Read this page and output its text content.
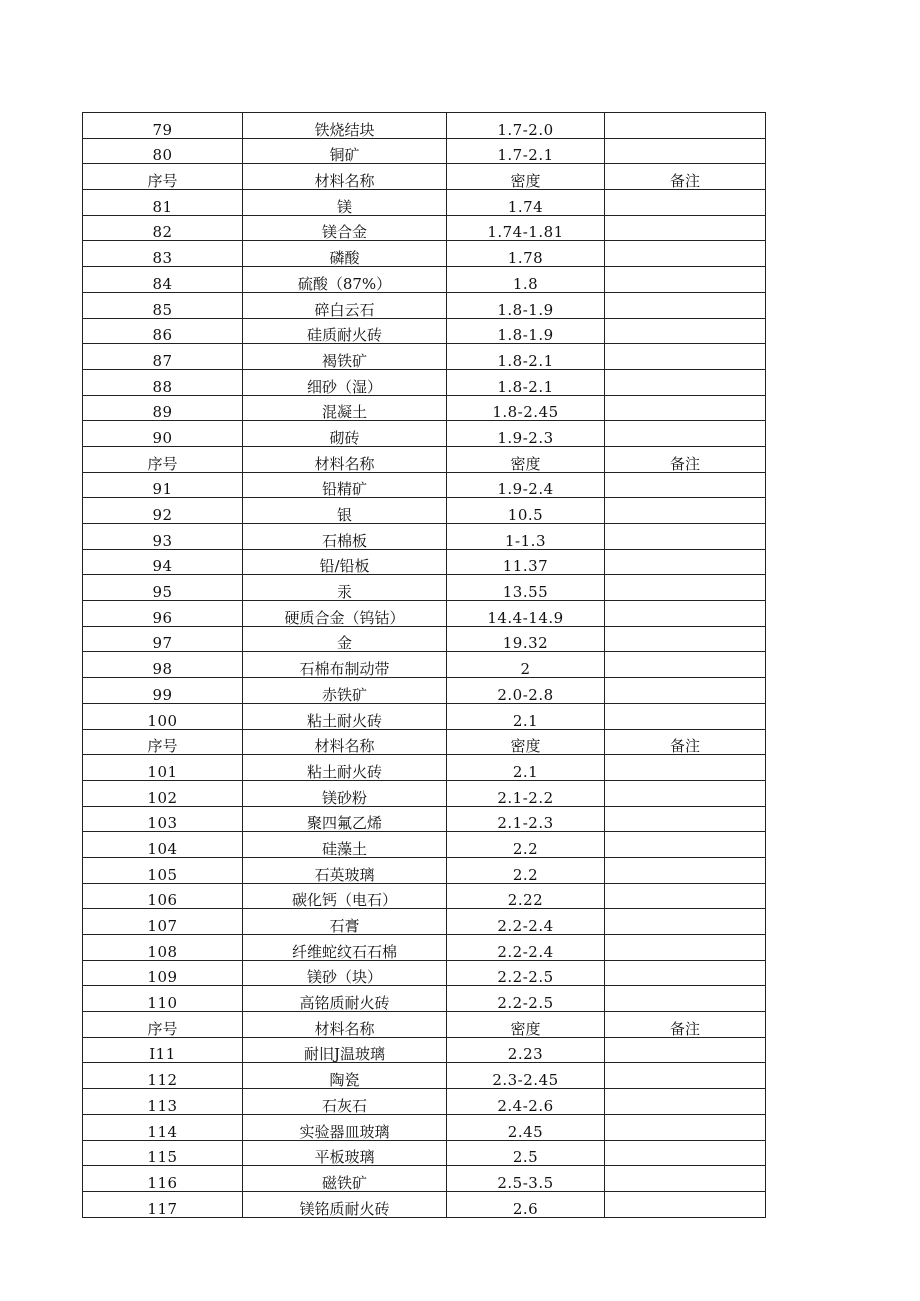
79	铁烧结块	1.7-2.0	
80	铜矿	1.7-2.1	
序号	材料名称	密度	备注
81	镁	1.74	
82	镁合金	1.74-1.81	
83	磷酸	1.78	
84	硫酸（87%）	1.8	
85	碎白云石	1.8-1.9	
86	硅质耐火砖	1.8-1.9	
87	褐铁矿	1.8-2.1	
88	细砂（湿）	1.8-2.1	
89	混凝土	1.8-2.45	
90	砌砖	1.9-2.3	
序号	材料名称	密度	备注
91	铅精矿	1.9-2.4	
92	银	10.5	
93	石棉板	1-1.3	
94	铅/铅板	11.37	
95	汞	13.55	
96	硬质合金（钨钴）	14.4-14.9	
97	金	19.32	
98	石棉布制动带	2	
99	赤铁矿	2.0-2.8	
100	粘土耐火砖	2.1	
序号	材料名称	密度	备注
101	粘土耐火砖	2.1	
102	镁砂粉	2.1-2.2	
103	聚四氟乙烯	2.1-2.3	
104	硅藻土	2.2	
105	石英玻璃	2.2	
106	碳化钙（电石）	2.22	
107	石膏	2.2-2.4	
108	纤维蛇纹石石棉	2.2-2.4	
109	镁砂（块）	2.2-2.5	
110	高铭质耐火砖	2.2-2.5	
序号	材料名称	密度	备注
I11	耐旧J温玻璃	2.23	
112	陶瓷	2.3-2.45	
113	石灰石	2.4-2.6	
114	实验器皿玻璃	2.45	
115	平板玻璃	2.5	
116	磁铁矿	2.5-3.5	
117	镁铭质耐火砖	2.6	
